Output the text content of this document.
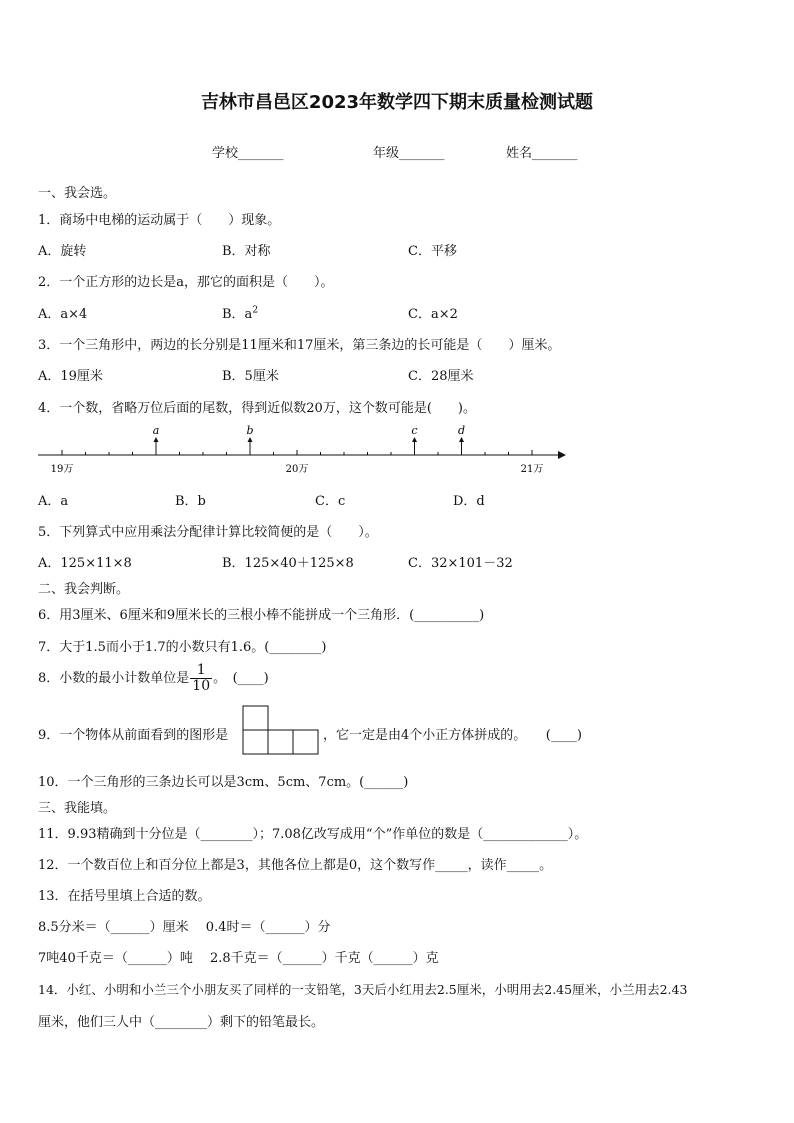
吉林市昌邑区2023年数学四下期末质量检测试题
学校_______	年级_______	姓名_______
一、我会选。
1．商场中电梯的运动属于（　　）现象。
A．旋转	B．对称	C．平移
2．一个正方形的边长是a，那它的面积是（　　）。
A．a×4	B．$a^2$	C．a×2
3．一个三角形中，两边的长分别是11厘米和17厘米，第三条边的长可能是（　　）厘米。
A．19厘米	B．5厘米	C．28厘米
4．一个数，省略万位后面的尾数，得到近似数20万，这个数可能是(　　)。
a	b	c	d
19万	20万	21万
A．a	B．b	C．c	D．d
5．下列算式中应用乘法分配律计算比较简便的是（　　）。
A．125×11×8	B．125×40＋125×8	C．32×101－32
二、我会判断。
6．用3厘米、6厘米和9厘米长的三根小棒不能拼成一个三角形．(__________)
7．大于1.5而小于1.7的小数只有1.6。(________)
8．小数的最小计数单位是 $\frac{1}{10}$ 。　(____)
9．一个物体从前面看到的图形是	，它一定是由4个小正方体拼成的。　　(____)
10．一个三角形的三条边长可以是3cm、5cm、7cm。(______)
三、我能填。
11．9.93精确到十分位是（________）；7.08亿改写成用“个”作单位的数是（_____________）。
12．一个数百位上和百分位上都是3，其他各位上都是0，这个数写作_____，读作_____。
13．在括号里填上合适的数。
8.5分米＝（______）厘米　 0.4时＝（______）分
7吨40千克＝（______）吨　 2.8千克＝（______）千克（______）克
14．小红、小明和小兰三个小朋友买了同样的一支铅笔，3天后小红用去2.5厘米，小明用去2.45厘米，小兰用去2.43
厘米，他们三人中（________）剩下的铅笔最长。
